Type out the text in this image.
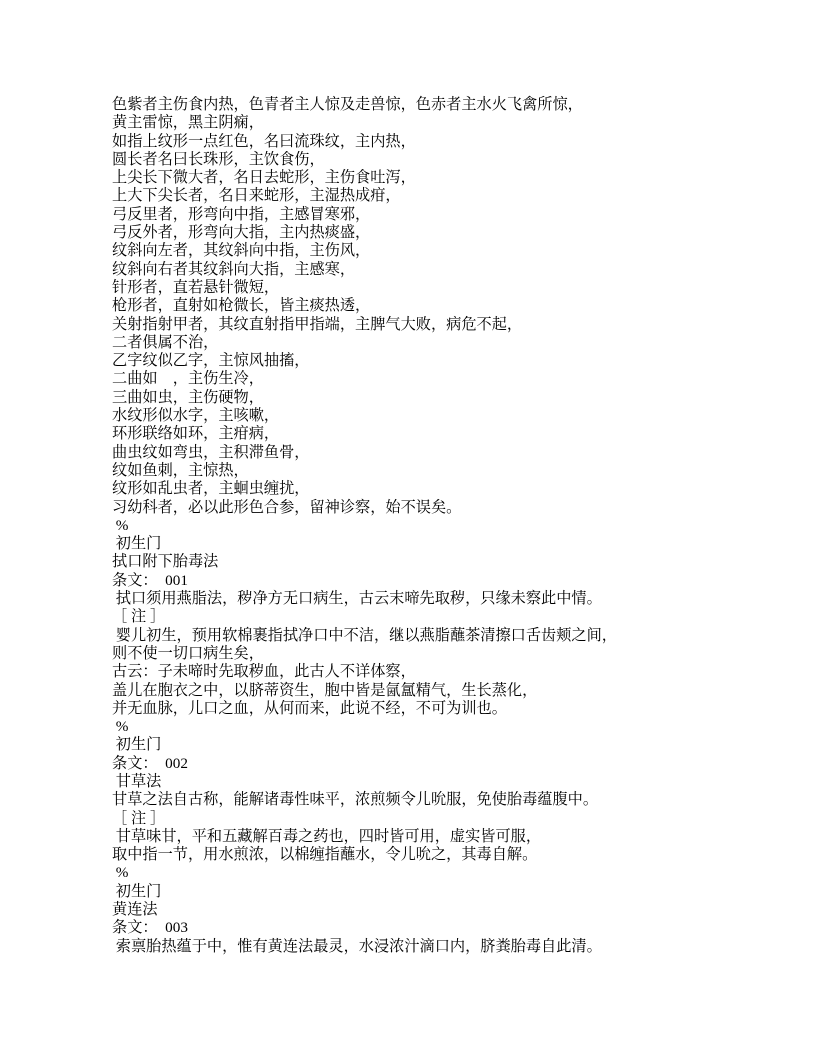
色紫者主伤食内热，色青者主人惊及走兽惊，色赤者主水火飞禽所惊，
黄主雷惊，黑主阴痫，
如指上纹形一点红色，名曰流珠纹，主内热，
圆长者名曰长珠形，主饮食伤，
上尖长下微大者，名日去蛇形，主伤食吐泻，
上大下尖长者，名日来蛇形，主湿热成疳，
弓反里者，形弯向中指，主感冒寒邪，
弓反外者，形弯向大指，主内热痰盛，
纹斜向左者，其纹斜向中指，主伤风，
纹斜向右者其纹斜向大指，主感寒，
针形者，直若悬针微短，
枪形者，直射如枪微长，皆主痰热透，
关射指射甲者，其纹直射指甲指端，主脾气大败，病危不起，
二者俱属不治，
乙字纹似乙字，主惊风抽搐，
二曲如　，主伤生冷，
三曲如虫，主伤硬物，
水纹形似水字，主咳嗽，
环形联络如环，主疳病，
曲虫纹如弯虫，主积滞鱼骨，
纹如鱼刺，主惊热，
纹形如乱虫者，主蛔虫缠扰，
习幼科者，必以此形色合参，留神诊察，始不误矣。
%
初生门
拭口附下胎毒法
条文：  001
拭口须用燕脂法，秽净方无口病生，古云末啼先取秽，只缘未察此中情。
［ 注 ］
婴儿初生，预用软棉裹指拭净口中不洁，继以燕脂蘸茶清擦口舌齿颊之间，
则不使一切口病生矣，
古云：子未啼时先取秽血，此古人不详体察，
盖儿在胞衣之中，以脐蒂资生，胞中皆是氤氲精气，生长蒸化，
并无血脉，儿口之血，从何而来，此说不经，不可为训也。
%
初生门
条文：  002
甘草法
甘草之法自古称，能解诸毒性味平，浓煎频令儿吮服，免使胎毒蕴腹中。
［ 注 ］
甘草味甘，平和五藏解百毒之药也，四时皆可用，虚实皆可服，
取中指一节，用水煎浓，以棉缠指蘸水，令儿吮之，其毒自解。
%
初生门
黄连法
条文：  003
索禀胎热蕴于中，惟有黄连法最灵，水浸浓汁滴口内，脐粪胎毒自此清。
